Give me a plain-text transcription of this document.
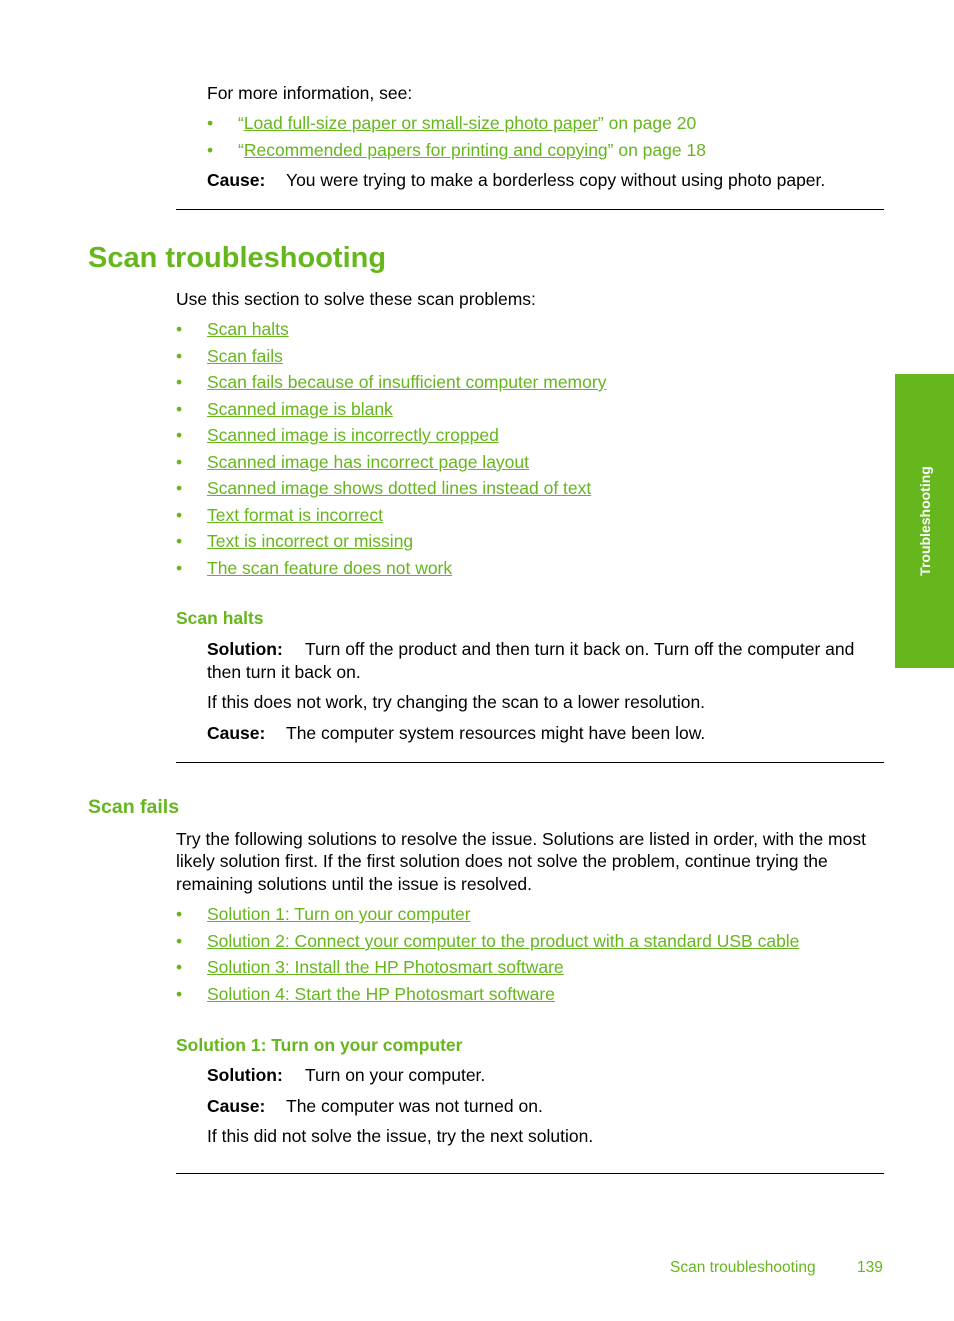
For more information, see:
• “Load full-size paper or small-size photo paper” on page 20
• “Recommended papers for printing and copying” on page 18
Cause: You were trying to make a borderless copy without using photo paper.
Scan troubleshooting
Use this section to solve these scan problems:
• Scan halts
• Scan fails
• Scan fails because of insufficient computer memory
• Scanned image is blank
• Scanned image is incorrectly cropped
• Scanned image has incorrect page layout
• Scanned image shows dotted lines instead of text
• Text format is incorrect
• Text is incorrect or missing
• The scan feature does not work
Scan halts
Solution: Turn off the product and then turn it back on. Turn off the computer and
then turn it back on.
If this does not work, try changing the scan to a lower resolution.
Cause: The computer system resources might have been low.
Scan fails
Try the following solutions to resolve the issue. Solutions are listed in order, with the most
likely solution first. If the first solution does not solve the problem, continue trying the
remaining solutions until the issue is resolved.
• Solution 1: Turn on your computer
• Solution 2: Connect your computer to the product with a standard USB cable
• Solution 3: Install the HP Photosmart software
• Solution 4: Start the HP Photosmart software
Solution 1: Turn on your computer
Solution: Turn on your computer.
Cause: The computer was not turned on.
If this did not solve the issue, try the next solution.
Troubleshooting
Scan troubleshooting	139
